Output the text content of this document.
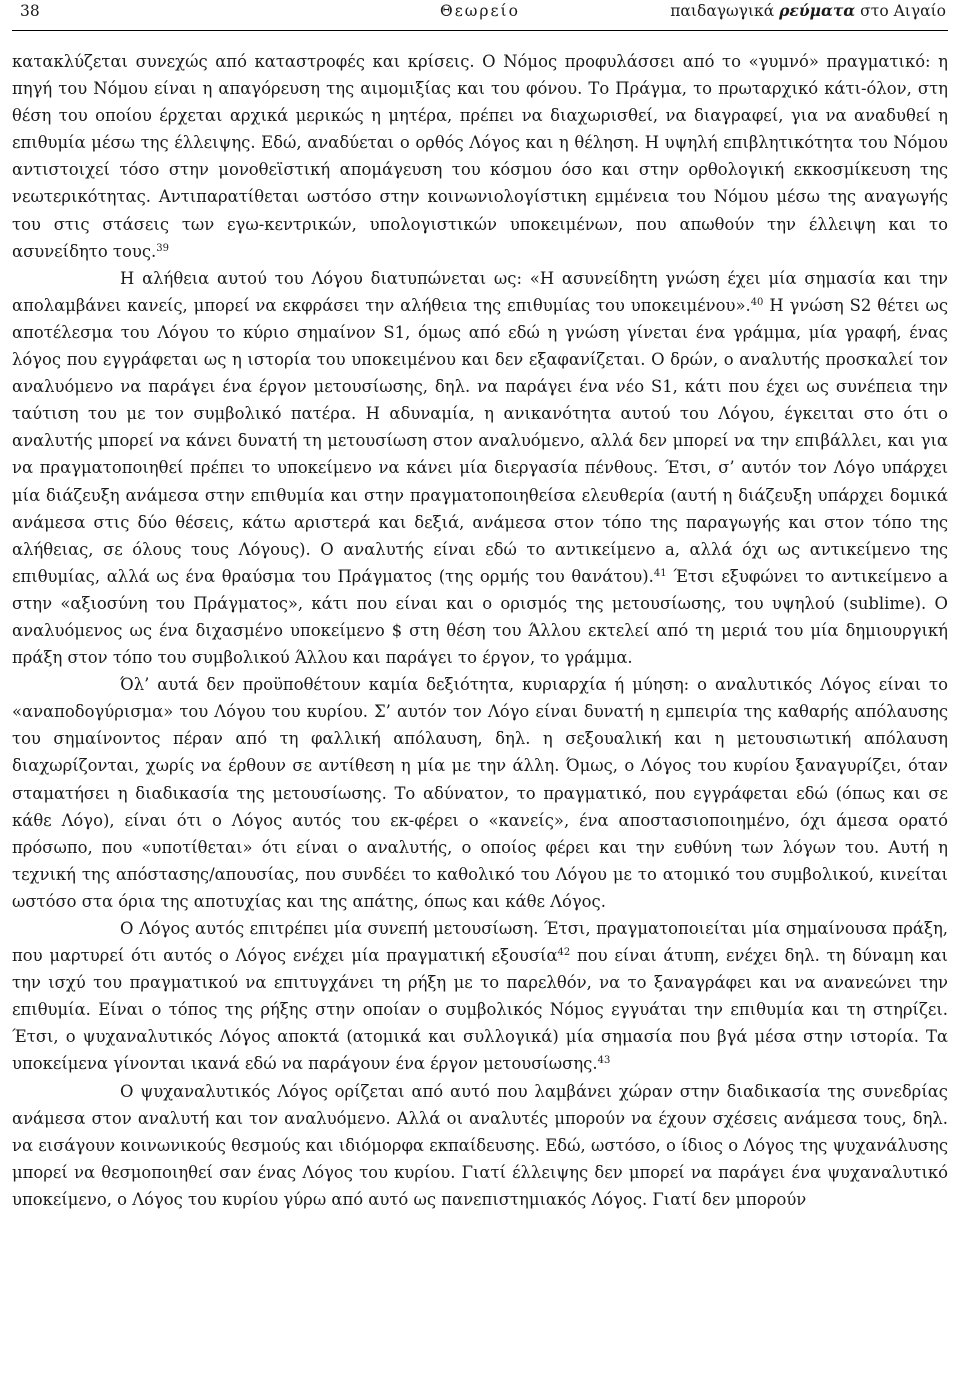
38	Θεωρείο	παιδαγωγικά ρεύματα στο Αιγαίο

κατακλύζεται συνεχώς από καταστροφές και κρίσεις. Ο Νόμος προφυλάσσει από το «γυμνό» πραγματικό: η πηγή του Νόμου είναι η απαγόρευση της αιμομιξίας και του φόνου. Το Πράγμα, το πρωταρχικό κάτι-όλον, στη θέση του οποίου έρχεται αρχικά μερικώς η μητέρα, πρέπει να διαχωρισθεί, να διαγραφεί, για να αναδυθεί η επιθυμία μέσω της έλλειψης. Εδώ, αναδύεται ο ορθός Λόγος και η θέληση. Η υψηλή επιβλητικότητα του Νόμου αντιστοιχεί τόσο στην μονοθεϊστική απομάγευση του κόσμου όσο και στην ορθολογική εκκοσμίκευση της νεωτερικότητας. Αντιπαρατίθεται ωστόσο στην κοινωνιολογίστικη εμμένεια του Νόμου μέσω της αναγωγής του στις στάσεις των εγω-κεντρικών, υπολογιστικών υποκειμένων, που απωθούν την έλλειψη και το ασυνείδητο τους.$^{39}$

Η αλήθεια αυτού του Λόγου διατυπώνεται ως: «Η ασυνείδητη γνώση έχει μία σημασία και την απολαμβάνει κανείς, μπορεί να εκφράσει την αλήθεια της επιθυμίας του υποκειμένου».$^{40}$ Η γνώση S2 θέτει ως αποτέλεσμα του Λόγου το κύριο σημαίνον S1, όμως από εδώ η γνώση γίνεται ένα γράμμα, μία γραφή, ένας λόγος που εγγράφεται ως η ιστορία του υποκειμένου και δεν εξαφανίζεται. Ο δρών, ο αναλυτής προσκαλεί τον αναλυόμενο να παράγει ένα έργον μετουσίωσης, δηλ. να παράγει ένα νέο S1, κάτι που έχει ως συνέπεια την ταύτιση του με τον συμβολικό πατέρα. Η αδυναμία, η ανικανότητα αυτού του Λόγου, έγκειται στο ότι ο αναλυτής μπορεί να κάνει δυνατή τη μετουσίωση στον αναλυόμενο, αλλά δεν μπορεί να την επιβάλλει, και για να πραγματοποιηθεί πρέπει το υποκείμενο να κάνει μία διεργασία πένθους. Έτσι, σ’ αυτόν τον Λόγο υπάρχει μία διάζευξη ανάμεσα στην επιθυμία και στην πραγματοποιηθείσα ελευθερία (αυτή η διάζευξη υπάρχει δομικά ανάμεσα στις δύο θέσεις, κάτω αριστερά και δεξιά, ανάμεσα στον τόπο της παραγωγής και στον τόπο της αλήθειας, σε όλους τους Λόγους). Ο αναλυτής είναι εδώ το αντικείμενο a, αλλά όχι ως αντικείμενο της επιθυμίας, αλλά ως ένα θραύσμα του Πράγματος (της ορμής του θανάτου).$^{41}$ Έτσι εξυφώνει το αντικείμενο a στην «αξιοσύνη του Πράγματος», κάτι που είναι και ο ορισμός της μετουσίωσης, του υψηλού (sublime). Ο αναλυόμενος ως ένα διχασμένο υποκείμενο $ στη θέση του Άλλου εκτελεί από τη μεριά του μία δημιουργική πράξη στον τόπο του συμβολικού Άλλου και παράγει το έργον, το γράμμα.

Όλ’ αυτά δεν προϋποθέτουν καμία δεξιότητα, κυριαρχία ή μύηση: ο αναλυτικός Λόγος είναι το «αναποδογύρισμα» του Λόγου του κυρίου. Σ’ αυτόν τον Λόγο είναι δυνατή η εμπειρία της καθαρής απόλαυσης του σημαίνοντος πέραν από τη φαλλική απόλαυση, δηλ. η σεξουαλική και η μετουσιωτική απόλαυση διαχωρίζονται, χωρίς να έρθουν σε αντίθεση η μία με την άλλη. Όμως, ο Λόγος του κυρίου ξαναγυρίζει, όταν σταματήσει η διαδικασία της μετουσίωσης. Το αδύνατον, το πραγματικό, που εγγράφεται εδώ (όπως και σε κάθε Λόγο), είναι ότι ο Λόγος αυτός του εκ-φέρει ο «κανείς», ένα αποστασιοποιημένο, όχι άμεσα ορατό πρόσωπο, που «υποτίθεται» ότι είναι ο αναλυτής, ο οποίος φέρει και την ευθύνη των λόγων του. Αυτή η τεχνική της απόστασης/απουσίας, που συνδέει το καθολικό του Λόγου με το ατομικό του συμβολικού, κινείται ωστόσο στα όρια της αποτυχίας και της απάτης, όπως και κάθε Λόγος.

Ο Λόγος αυτός επιτρέπει μία συνεπή μετουσίωση. Έτσι, πραγματοποιείται μία σημαίνουσα πράξη, που μαρτυρεί ότι αυτός ο Λόγος ενέχει μία πραγματική εξουσία$^{42}$ που είναι άτυπη, ενέχει δηλ. τη δύναμη και την ισχύ του πραγματικού να επιτυγχάνει τη ρήξη με το παρελθόν, να το ξαναγράφει και να ανανεώνει την επιθυμία. Είναι ο τόπος της ρήξης στην οποίαν ο συμβολικός Νόμος εγγυάται την επιθυμία και τη στηρίζει. Έτσι, ο ψυχαναλυτικός Λόγος αποκτά (ατομικά και συλλογικά) μία σημασία που βγά μέσα στην ιστορία. Τα υποκείμενα γίνονται ικανά εδώ να παράγουν ένα έργον μετουσίωσης.$^{43}$

Ο ψυχαναλυτικός Λόγος ορίζεται από αυτό που λαμβάνει χώραν στην διαδικασία της συνεδρίας ανάμεσα στον αναλυτή και τον αναλυόμενο. Αλλά οι αναλυτές μπορούν να έχουν σχέσεις ανάμεσα τους, δηλ. να εισάγουν κοινωνικούς θεσμούς και ιδιόμορφα εκπαίδευσης. Εδώ, ωστόσο, ο ίδιος ο Λόγος της ψυχανάλυσης μπορεί να θεσμοποιηθεί σαν ένας Λόγος του κυρίου. Γιατί έλλειψης δεν μπορεί να παράγει ένα ψυχαναλυτικό υποκείμενο, ο Λόγος του κυρίου γύρω από αυτό ως πανεπιστημιακός Λόγος. Γιατί δεν μπορούν
